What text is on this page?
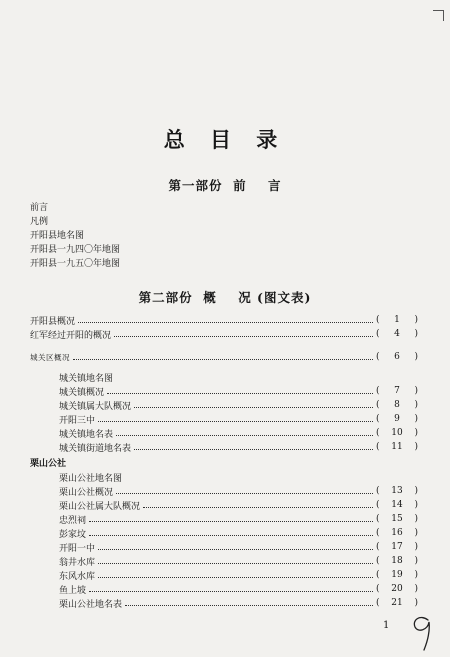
总 目 录
第一部份  前    言
前言
凡例
开阳县地名图
开阳县一九四〇年地图
开阳县一九五〇年地图
第二部份  概    况 (图文表)
开阳县概况	(	1	)
红军经过开阳的概况	(	4	)
城关区概况	(	6	)
城关镇地名图
城关镇概况	(	7	)
城关镇属大队概况	(	8	)
开阳三中	(	9	)
城关镇地名表	(	10	)
城关镇街道地名表	(	11	)
栗山公社
栗山公社地名图
栗山公社概况	(	13	)
栗山公社属大队概况	(	14	)
忠烈祠	(	15	)
彭家坟	(	16	)
开阳一中	(	17	)
翁井水库	(	18	)
东风水库	(	19	)
鱼上坡	(	20	)
栗山公社地名表	(	21	)
1
